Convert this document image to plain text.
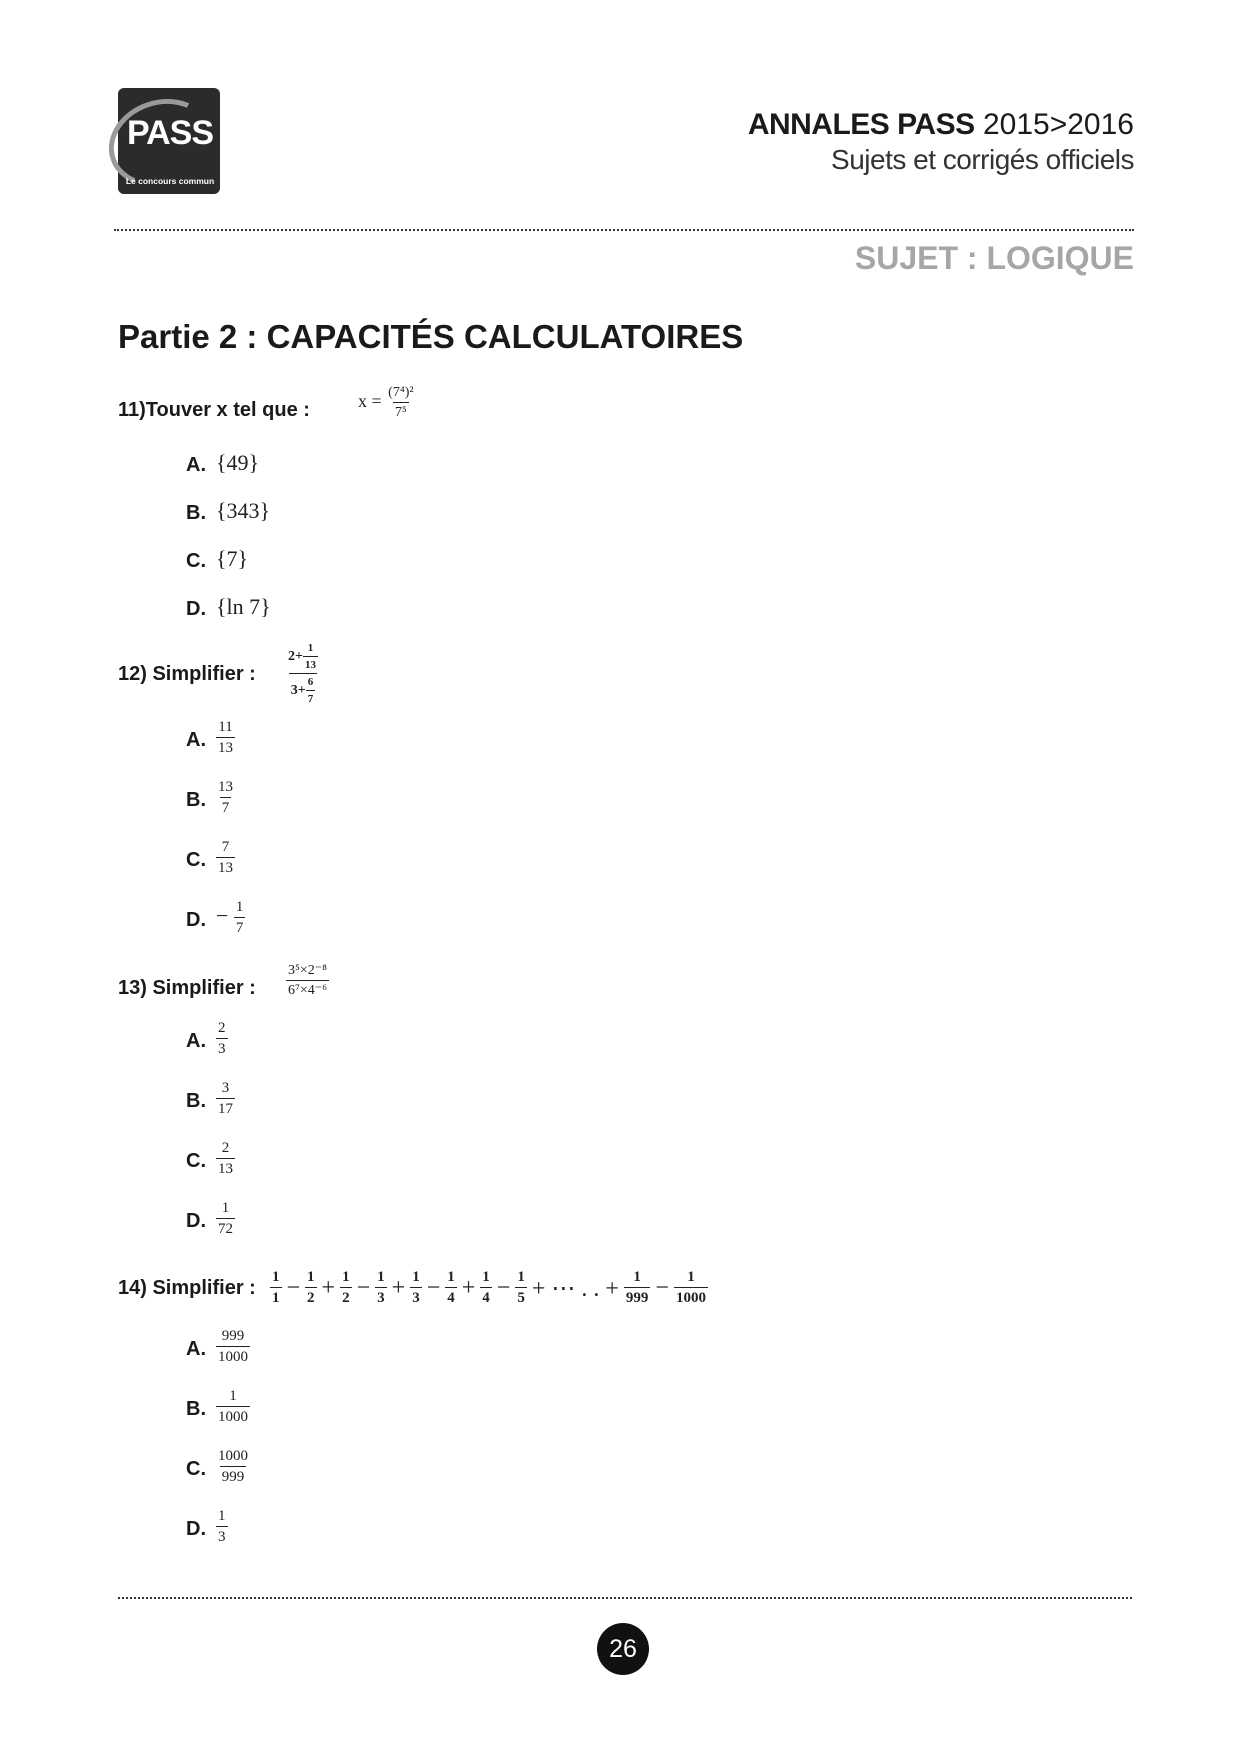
PASS
Le concours commun
ANNALES PASS 2015>2016
Sujets et corrigés officiels
SUJET : LOGIQUE
Partie 2 : CAPACITÉS CALCULATOIRES
11)Touver x tel que :	$x = \frac{\text{(7⁴)²}}{\text{7⁵}}$
A. {49}
B. {343}
C. {7}
D. {ln 7}
12) Simplifier : $\frac{2+ \frac{1}{13}}{3+ \frac{6}{7}}$
A. $\frac{11}{13}$
B. $\frac{13}{7}$
C. $\frac{7}{13}$
D. − $\frac{1}{7}$
13) Simplifier : $\frac{\text{3⁵×2⁻⁸}}{\text{6⁷×4⁻⁶}}$
A. $\frac{2}{3}$
B. $\frac{3}{17}$
C. $\frac{2}{13}$
D. $\frac{1}{72}$
14) Simplifier : $\frac{1}{1} - \frac{1}{2} + \frac{1}{2} - \frac{1}{3} + \frac{1}{3} - \frac{1}{4} + \frac{1}{4} - \frac{1}{5}$ + ⋯ . . + $\frac{1}{999} - \frac{1}{1000}$
A. $\frac{999}{1000}$
B. $\frac{1}{1000}$
C. $\frac{1000}{999}$
D. $\frac{1}{3}$
26
